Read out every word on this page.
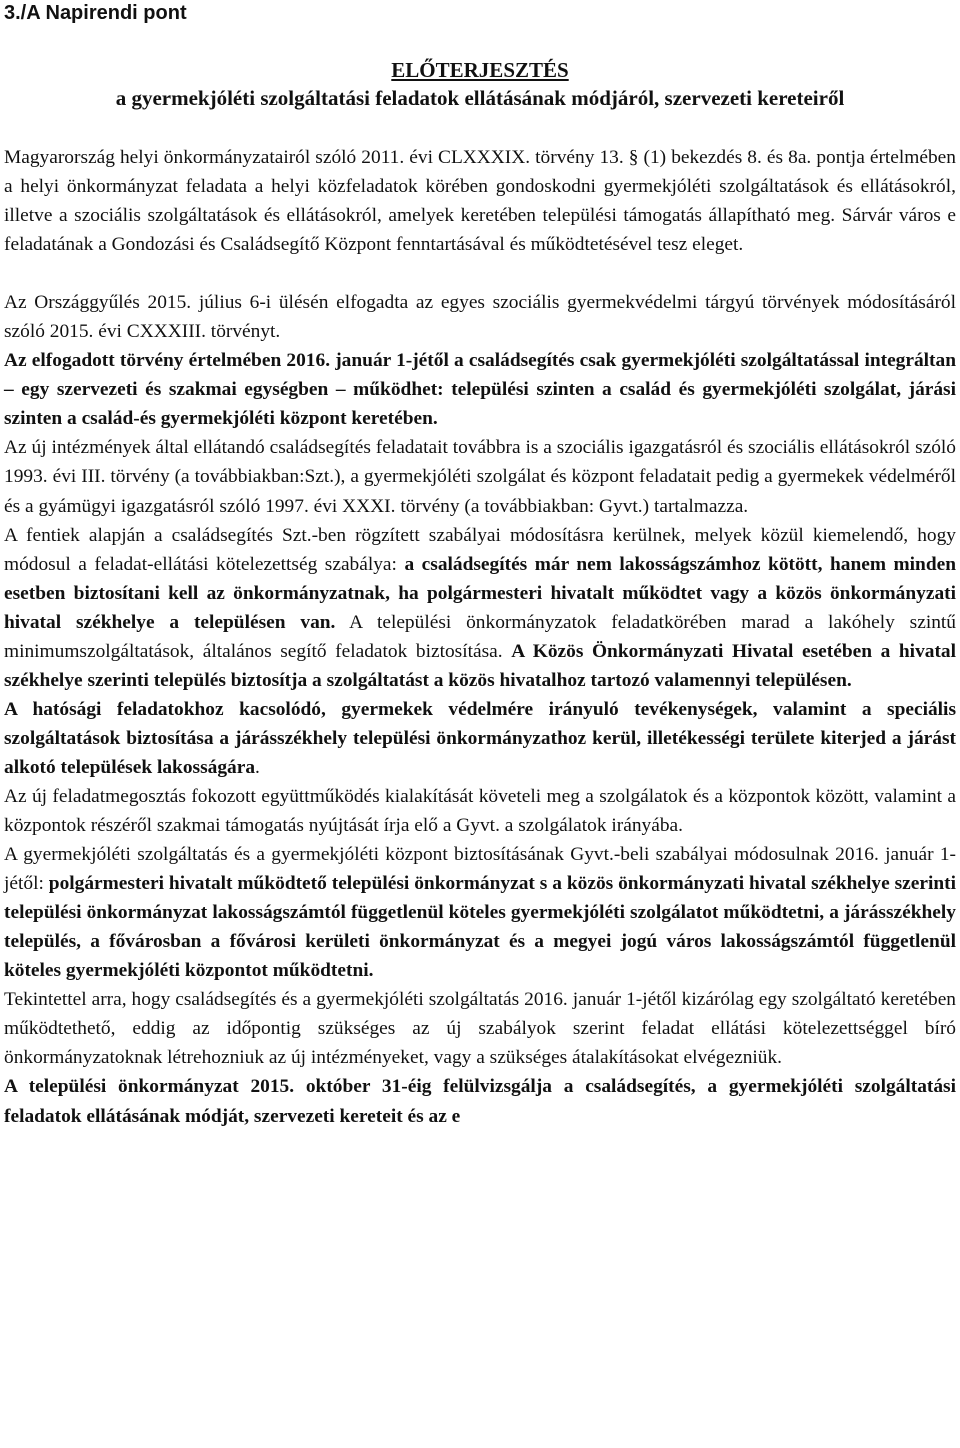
3./A Napirendi pont
ELŐTERJESZTÉS
a gyermekjóléti szolgáltatási feladatok ellátásának módjáról, szervezeti kereteiről

Magyarország helyi önkormányzatairól szóló 2011. évi CLXXXIX. törvény 13. § (1) bekezdés 8. és 8a. pontja értelmében a helyi önkormányzat feladata a helyi közfeladatok körében gondoskodni gyermekjóléti szolgáltatások és ellátásokról, illetve a szociális szolgáltatások és ellátásokról, amelyek keretében települési támogatás állapítható meg. Sárvár város e feladatának a Gondozási és Családsegítő Központ fenntartásával és működtetésével tesz eleget.

Az Országgyűlés 2015. július 6-i ülésén elfogadta az egyes szociális gyermekvédelmi tárgyú törvények módosításáról szóló 2015. évi CXXXIII. törvényt.

Az elfogadott törvény értelmében 2016. január 1-jétől a családsegítés csak gyermekjóléti szolgáltatással integráltan – egy szervezeti és szakmai egységben – működhet: települési szinten a család és gyermekjóléti szolgálat, járási szinten a család-és gyermekjóléti központ keretében.

Az új intézmények által ellátandó családsegítés feladatait továbbra is a szociális igazgatásról és szociális ellátásokról szóló 1993. évi III. törvény (a továbbiakban:Szt.), a gyermekjóléti szolgálat és központ feladatait pedig a gyermekek védelméről és a gyámügyi igazgatásról szóló 1997. évi XXXI. törvény (a továbbiakban: Gyvt.) tartalmazza.

A fentiek alapján a családsegítés Szt.-ben rögzített szabályai módosításra kerülnek, melyek közül kiemelendő, hogy módosul a feladat-ellátási kötelezettség szabálya: a családsegítés már nem lakosságszámhoz kötött, hanem minden esetben biztosítani kell az önkormányzatnak, ha polgármesteri hivatalt működtet vagy a közös önkormányzati hivatal székhelye a településen van. A települési önkormányzatok feladatkörében marad a lakóhely szintű minimumszolgáltatások, általános segítő feladatok biztosítása. A Közös Önkormányzati Hivatal esetében a hivatal székhelye szerinti település biztosítja a szolgáltatást a közös hivatalhoz tartozó valamennyi településen.

A hatósági feladatokhoz kacsolódó, gyermekek védelmére irányuló tevékenységek, valamint a speciális szolgáltatások biztosítása a járásszékhely települési önkormányzathoz kerül, illetékességi területe kiterjed a járást alkotó települések lakosságára.

Az új feladatmegosztás fokozott együttműködés kialakítását követeli meg a szolgálatok és a központok között, valamint a központok részéről szakmai támogatás nyújtását írja elő a Gyvt. a szolgálatok irányába.

A gyermekjóléti szolgáltatás és a gyermekjóléti központ biztosításának Gyvt.-beli szabályai módosulnak 2016. január 1-jétől: polgármesteri hivatalt működtető települési önkormányzat s a közös önkormányzati hivatal székhelye szerinti települési önkormányzat lakosságszámtól függetlenül köteles gyermekjóléti szolgálatot működtetni, a járásszékhely település, a fővárosban a fővárosi kerületi önkormányzat és a megyei jogú város lakosságszámtól függetlenül köteles gyermekjóléti központot működtetni.

Tekintettel arra, hogy családsegítés és a gyermekjóléti szolgáltatás 2016. január 1-jétől kizárólag egy szolgáltató keretében működtethető, eddig az időpontig szükséges az új szabályok szerint feladat ellátási kötelezettséggel bíró önkormányzatoknak létrehozniuk az új intézményeket, vagy a szükséges átalakításokat elvégezniük.

A települési önkormányzat 2015. október 31-éig felülvizsgálja a családsegítés, a gyermekjóléti szolgáltatási feladatok ellátásának módját, szervezeti kereteit és az e
